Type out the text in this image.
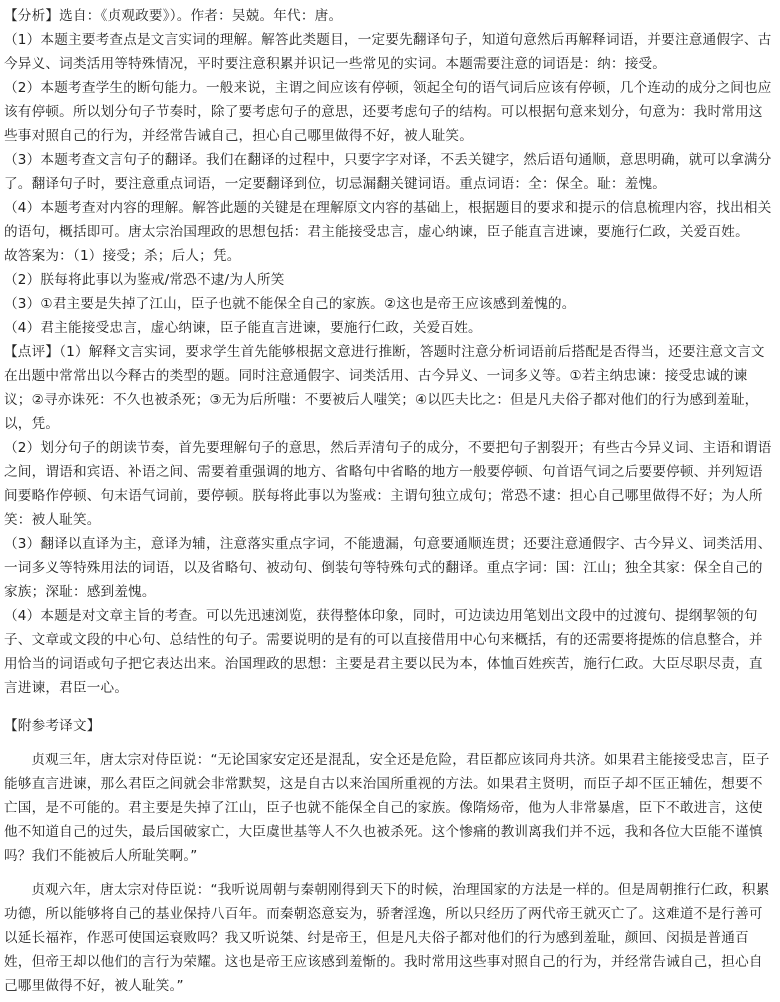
【分析】选自：《贞观政要》）。作者：吴兢。年代：唐。

（1）本题主要考查点是文言实词的理解。解答此类题目，一定要先翻译句子，知道句意然后再解释词语，并要注意通假字、古今异义、词类活用等特殊情况，平时要注意积累并识记一些常见的实词。本题需要注意的词语是：纳：接受。

（2）本题考查学生的断句能力。一般来说，主谓之间应该有停顿，领起全句的语气词后应该有停顿，几个连动的成分之间也应该有停顿。所以划分句子节奏时，除了要考虑句子的意思，还要考虑句子的结构。可以根据句意来划分，句意为：我时常用这些事对照自己的行为，并经常告诫自己，担心自己哪里做得不好，被人耻笑。

（3）本题考查文言句子的翻译。我们在翻译的过程中，只要字字对译，不丢关键字，然后语句通顺，意思明确，就可以拿满分了。翻译句子时，要注意重点词语，一定要翻译到位，切忌漏翻关键词语。重点词语：全：保全。耻：羞愧。

（4）本题考查对内容的理解。解答此题的关键是在理解原文内容的基础上，根据题目的要求和提示的信息梳理内容，找出相关的语句，概括即可。唐太宗治国理政的思想包括：君主能接受忠言，虚心纳谏，臣子能直言进谏，要施行仁政，关爱百姓。

故答案为：（1）接受；杀；后人；凭。

（2）朕每将此事以为鉴戒/常恐不逮/为人所笑

（3）①君主要是失掉了江山，臣子也就不能保全自己的家族。②这也是帝王应该感到羞愧的。

（4）君主能接受忠言，虚心纳谏，臣子能直言进谏，要施行仁政，关爱百姓。

【点评】（1）解释文言实词，要求学生首先能够根据文意进行推断，答题时注意分析词语前后搭配是否得当，还要注意文言文在出题中常常出以今释古的类型的题。同时注意通假字、词类活用、古今异义、一词多义等。①若主纳忠谏：接受忠诚的谏议；②寻亦诛死：不久也被杀死；③无为后所嗤：不要被后人嗤笑；④以匹夫比之：但是凡夫俗子都对他们的行为感到羞耻，以，凭。

（2）划分句子的朗读节奏，首先要理解句子的意思，然后弄清句子的成分，不要把句子割裂开；有些古今异义词、主语和谓语之间，谓语和宾语、补语之间、需要着重强调的地方、省略句中省略的地方一般要停顿、句首语气词之后要要停顿、并列短语间要略作停顿、句末语气词前，要停顿。朕每将此事以为鉴戒：主谓句独立成句；常恐不逮：担心自己哪里做得不好；为人所笑：被人耻笑。

（3）翻译以直译为主，意译为辅，注意落实重点字词，不能遗漏，句意要通顺连贯；还要注意通假字、古今异义、词类活用、一词多义等特殊用法的词语，以及省略句、被动句、倒装句等特殊句式的翻译。重点字词：国：江山；独全其家：保全自己的家族；深耻：感到羞愧。

（4）本题是对文章主旨的考查。可以先迅速浏览，获得整体印象，同时，可边读边用笔划出文段中的过渡句、提纲挈领的句子、文章或文段的中心句、总结性的句子。需要说明的是有的可以直接借用中心句来概括，有的还需要将提炼的信息整合，并用恰当的词语或句子把它表达出来。治国理政的思想：主要是君主要以民为本，体恤百姓疾苦，施行仁政。大臣尽职尽责，直言进谏，君臣一心。

【附参考译文】

贞观三年，唐太宗对侍臣说：“无论国家安定还是混乱，安全还是危险，君臣都应该同舟共济。如果君主能接受忠言，臣子能够直言进谏，那么君臣之间就会非常默契，这是自古以来治国所重视的方法。如果君主贤明，而臣子却不匡正辅佐，想要不亡国，是不可能的。君主要是失掉了江山，臣子也就不能保全自己的家族。像隋炀帝，他为人非常暴虐，臣下不敢进言，这使他不知道自己的过失，最后国破家亡，大臣虞世基等人不久也被杀死。这个惨痛的教训离我们并不远，我和各位大臣能不谨慎吗？我们不能被后人所耻笑啊。”

贞观六年，唐太宗对侍臣说：“我听说周朝与秦朝刚得到天下的时候，治理国家的方法是一样的。但是周朝推行仁政，积累功德，所以能够将自己的基业保持八百年。而秦朝恣意妄为，骄奢淫逸，所以只经历了两代帝王就灭亡了。这难道不是行善可以延长福祚，作恶可使国运衰败吗？我又听说桀、纣是帝王，但是凡夫俗子都对他们的行为感到羞耻，颜回、闵损是普通百姓，但帝王却以他们的言行为荣耀。这也是帝王应该感到羞惭的。我时常用这些事对照自己的行为，并经常告诫自己，担心自己哪里做得不好，被人耻笑。”
